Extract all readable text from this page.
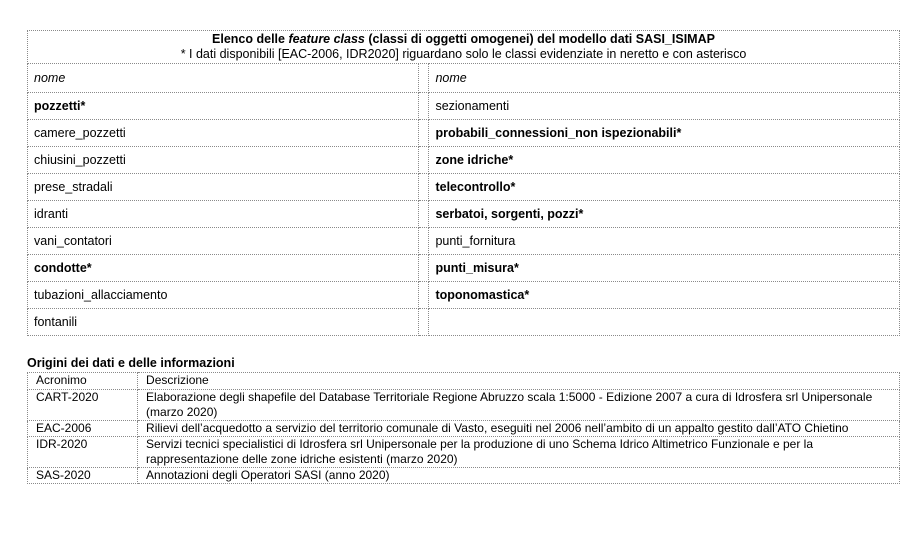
Elenco delle feature class (classi di oggetti omogenei) del modello dati SASI_ISIMAP
* I dati disponibili [EAC-2006, IDR2020] riguardano solo le classi evidenziate in neretto e con asterisco		

nome		nome
pozzetti*		sezionamenti
camere_pozzetti		probabili_connessioni_non ispezionabili*
chiusini_pozzetti		zone idriche*
prese_stradali		telecontrollo*
idranti		serbatoi, sorgenti, pozzi*
vani_contatori		punti_fornitura
condotte*		punti_misura*
tubazioni_allacciamento		toponomastica*
fontanili		
Origini dei dati e delle informazioni
Acronimo	Descrizione
CART-2020	Elaborazione degli shapefile del Database Territoriale Regione Abruzzo scala 1:5000 - Edizione 2007 a cura di Idrosfera srl Unipersonale (marzo 2020)
EAC-2006	Rilievi dell’acquedotto a servizio del territorio comunale di Vasto, eseguiti nel 2006 nell’ambito di un appalto gestito dall’ATO Chietino
IDR-2020	Servizi tecnici specialistici di Idrosfera srl Unipersonale per la produzione di uno Schema Idrico Altimetrico Funzionale e per la rappresentazione delle zone idriche esistenti (marzo 2020)
SAS-2020	Annotazioni degli Operatori SASI (anno 2020)
